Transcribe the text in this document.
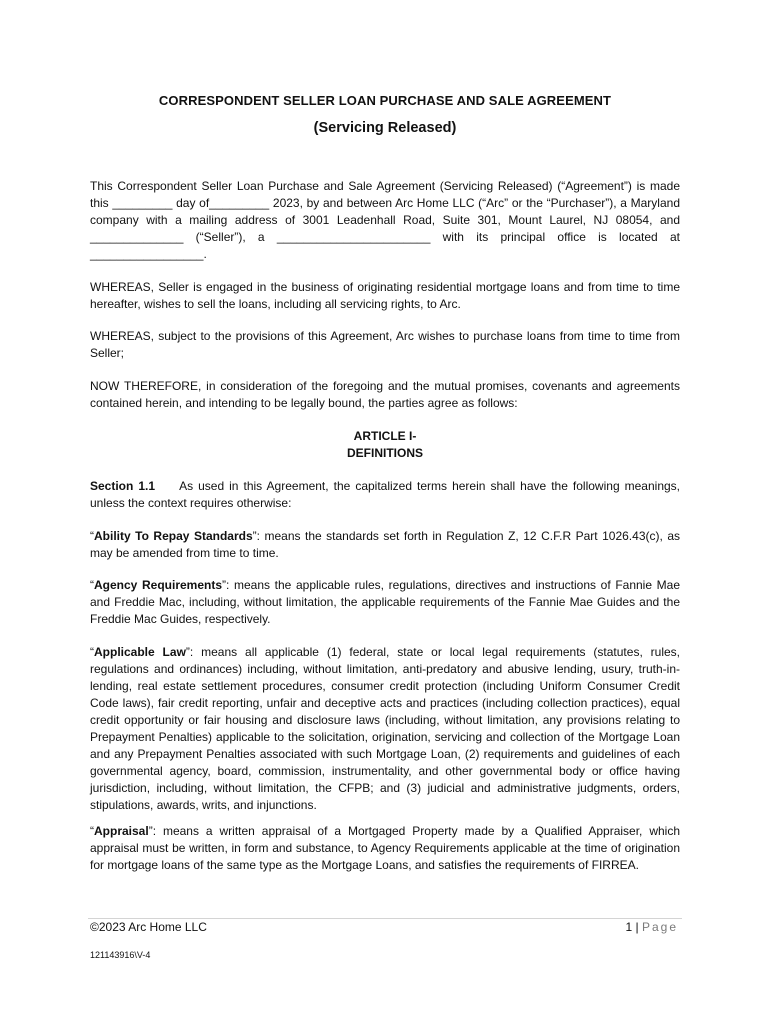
CORRESPONDENT SELLER LOAN PURCHASE AND SALE AGREEMENT
(Servicing Released)
This Correspondent Seller Loan Purchase and Sale Agreement (Servicing Released) (“Agreement”) is made this _________ day of_________ 2023, by and between Arc Home LLC (“Arc” or the “Purchaser”), a Maryland company with a mailing address of 3001 Leadenhall Road, Suite 301, Mount Laurel, NJ 08054, and ______________ (“Seller”), a _______________________ with its principal office is located at _________________.
WHEREAS, Seller is engaged in the business of originating residential mortgage loans and from time to time hereafter, wishes to sell the loans, including all servicing rights, to Arc.
WHEREAS, subject to the provisions of this Agreement, Arc wishes to purchase loans from time to time from Seller;
NOW THEREFORE, in consideration of the foregoing and the mutual promises, covenants and agreements contained herein, and intending to be legally bound, the parties agree as follows:
ARTICLE I-
DEFINITIONS
Section 1.1 As used in this Agreement, the capitalized terms herein shall have the following meanings, unless the context requires otherwise:
“Ability To Repay Standards”: means the standards set forth in Regulation Z, 12 C.F.R Part 1026.43(c), as may be amended from time to time.
“Agency Requirements”: means the applicable rules, regulations, directives and instructions of Fannie Mae and Freddie Mac, including, without limitation, the applicable requirements of the Fannie Mae Guides and the Freddie Mac Guides, respectively.
“Applicable Law”: means all applicable (1) federal, state or local legal requirements (statutes, rules, regulations and ordinances) including, without limitation, anti-predatory and abusive lending, usury, truth-in-lending, real estate settlement procedures, consumer credit protection (including Uniform Consumer Credit Code laws), fair credit reporting, unfair and deceptive acts and practices (including collection practices), equal credit opportunity or fair housing and disclosure laws (including, without limitation, any provisions relating to Prepayment Penalties) applicable to the solicitation, origination, servicing and collection of the Mortgage Loan and any Prepayment Penalties associated with such Mortgage Loan, (2) requirements and guidelines of each governmental agency, board, commission, instrumentality, and other governmental body or office having jurisdiction, including, without limitation, the CFPB; and (3) judicial and administrative judgments, orders, stipulations, awards, writs, and injunctions.
“Appraisal”: means a written appraisal of a Mortgaged Property made by a Qualified Appraiser, which appraisal must be written, in form and substance, to Agency Requirements applicable at the time of origination for mortgage loans of the same type as the Mortgage Loans, and satisfies the requirements of FIRREA.
©2023 Arc Home LLC	1 | Page
121143916\V-4
